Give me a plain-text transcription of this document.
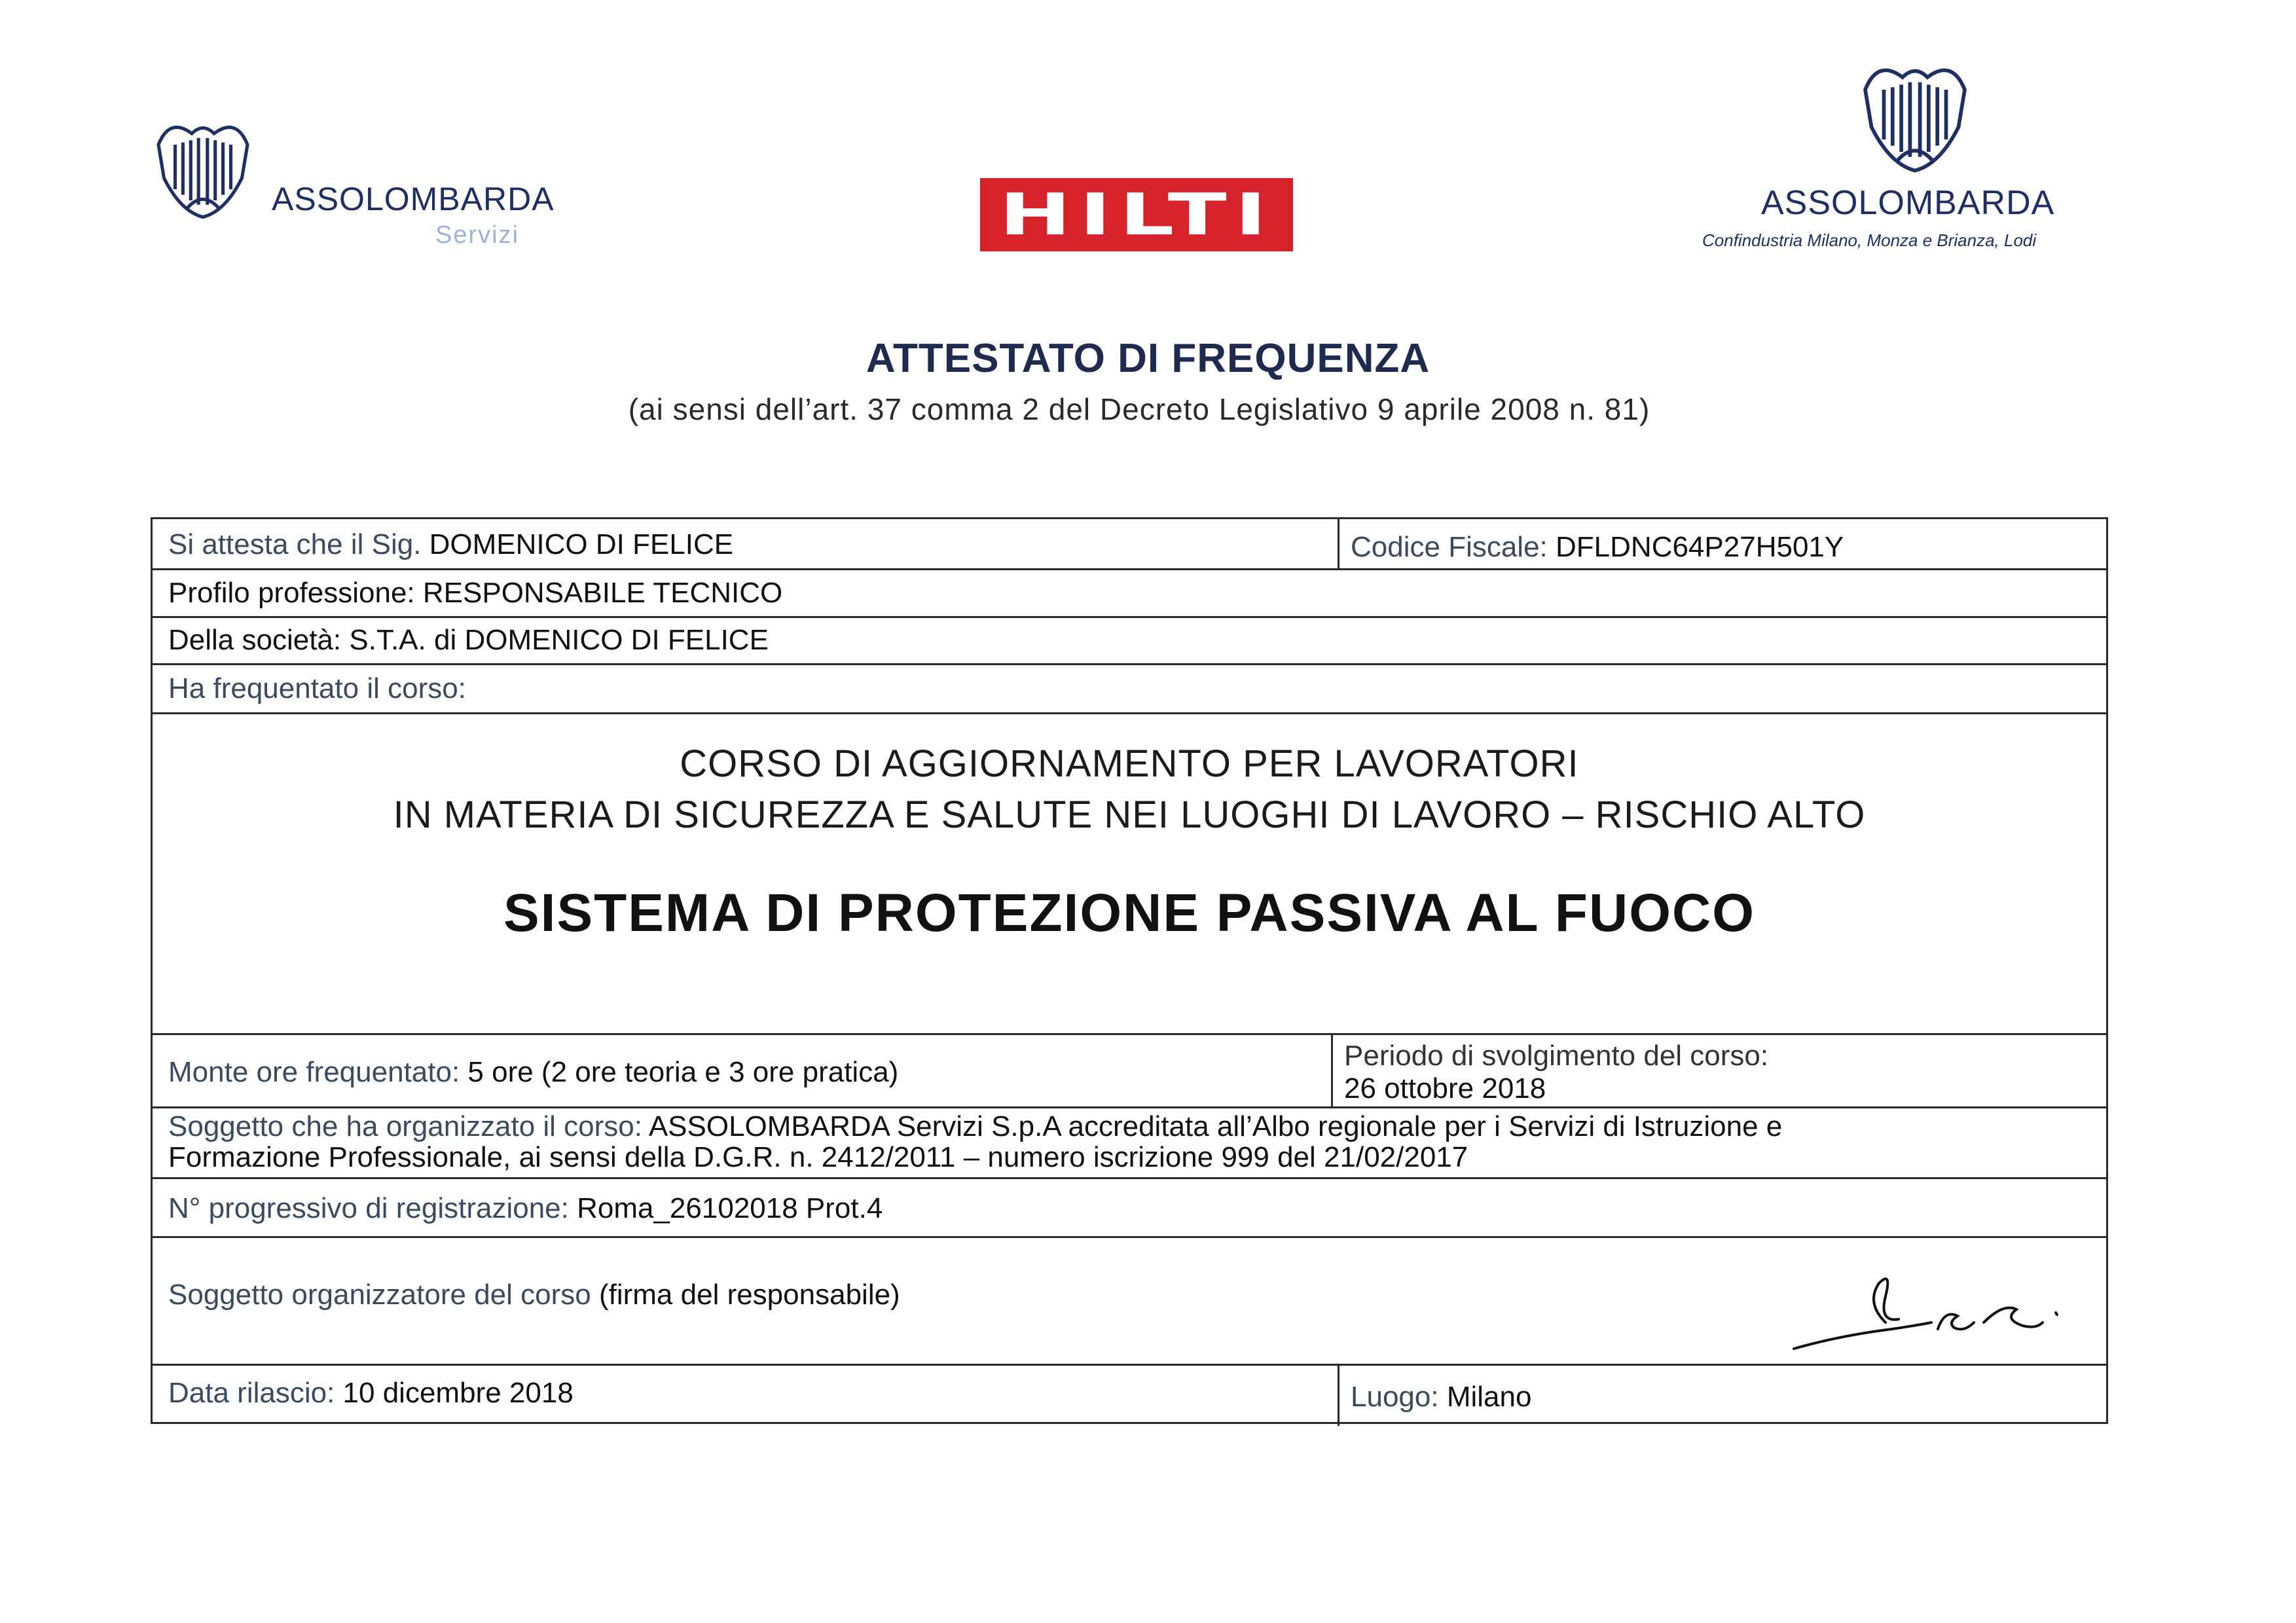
ASSOLOMBARDA
Servizi	HILTI	ASSOLOMBARDA
Confindustria Milano, Monza e Brianza, Lodi
ATTESTATO DI FREQUENZA
(ai sensi dell’art. 37 comma 2 del Decreto Legislativo 9 aprile 2008 n. 81)
Si attesta che il Sig. DOMENICO DI FELICE	Codice Fiscale: DFLDNC64P27H501Y
Profilo professione: RESPONSABILE TECNICO
Della società: S.T.A. di DOMENICO DI FELICE
Ha frequentato il corso:
CORSO DI AGGIORNAMENTO PER LAVORATORI
IN MATERIA DI SICUREZZA E SALUTE NEI LUOGHI DI LAVORO – RISCHIO ALTO
SISTEMA DI PROTEZIONE PASSIVA AL FUOCO
Monte ore frequentato: 5 ore (2 ore teoria e 3 ore pratica)
Periodo di svolgimento del corso:
26 ottobre 2018
Soggetto che ha organizzato il corso: ASSOLOMBARDA Servizi S.p.A accreditata all’Albo regionale per i Servizi di Istruzione e
Formazione Professionale, ai sensi della D.G.R. n. 2412/2011 – numero iscrizione 999 del 21/02/2017
N° progressivo di registrazione: Roma_26102018 Prot.4
Soggetto organizzatore del corso (firma del responsabile)
Data rilascio: 10 dicembre 2018	Luogo: Milano
